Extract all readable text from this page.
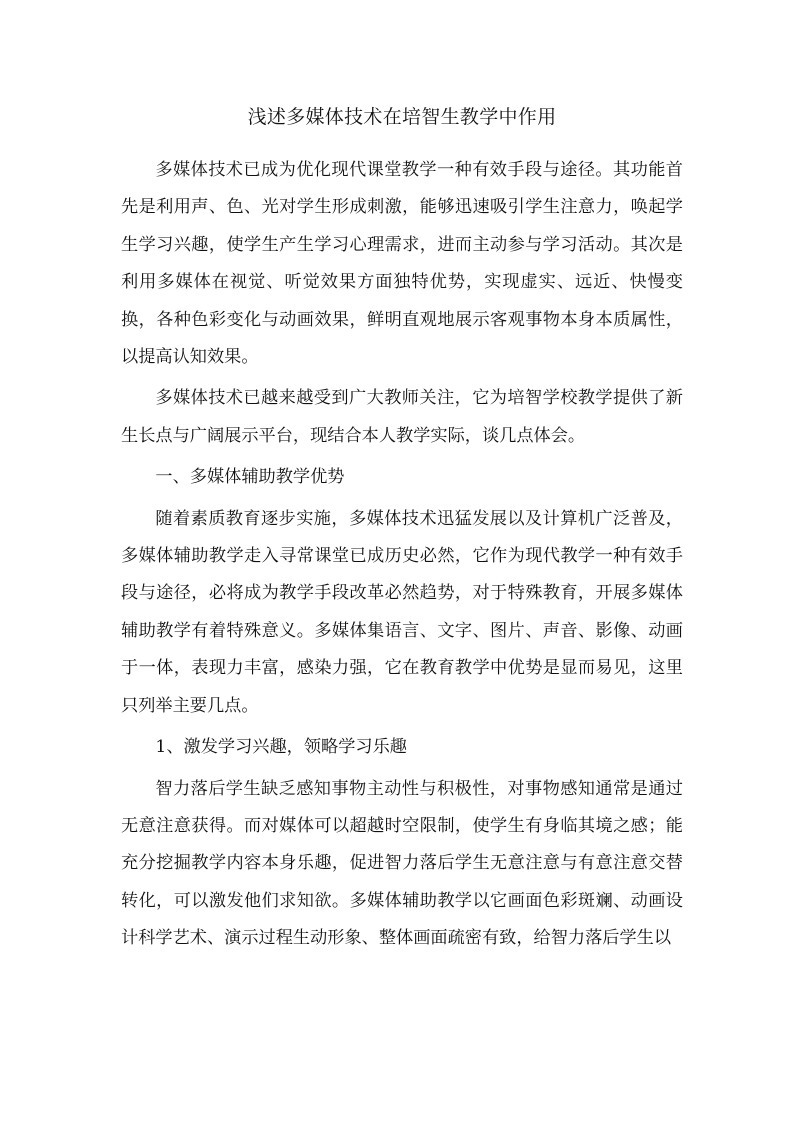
浅述多媒体技术在培智生教学中作用

多媒体技术已成为优化现代课堂教学一种有效手段与途径。其功能首先是利用声、色、光对学生形成刺激，能够迅速吸引学生注意力，唤起学生学习兴趣，使学生产生学习心理需求，进而主动参与学习活动。其次是利用多媒体在视觉、听觉效果方面独特优势，实现虚实、远近、快慢变换，各种色彩变化与动画效果，鲜明直观地展示客观事物本身本质属性，以提高认知效果。

多媒体技术已越来越受到广大教师关注，它为培智学校教学提供了新生长点与广阔展示平台，现结合本人教学实际，谈几点体会。

一、多媒体辅助教学优势

随着素质教育逐步实施，多媒体技术迅猛发展以及计算机广泛普及，多媒体辅助教学走入寻常课堂已成历史必然，它作为现代教学一种有效手段与途径，必将成为教学手段改革必然趋势，对于特殊教育，开展多媒体辅助教学有着特殊意义。多媒体集语言、文字、图片、声音、影像、动画于一体，表现力丰富，感染力强，它在教育教学中优势是显而易见，这里只列举主要几点。

1、激发学习兴趣，领略学习乐趣

智力落后学生缺乏感知事物主动性与积极性，对事物感知通常是通过无意注意获得。而对媒体可以超越时空限制，使学生有身临其境之感；能充分挖掘教学内容本身乐趣，促进智力落后学生无意注意与有意注意交替转化，可以激发他们求知欲。多媒体辅助教学以它画面色彩斑斓、动画设计科学艺术、演示过程生动形象、整体画面疏密有致，给智力落后学生以
